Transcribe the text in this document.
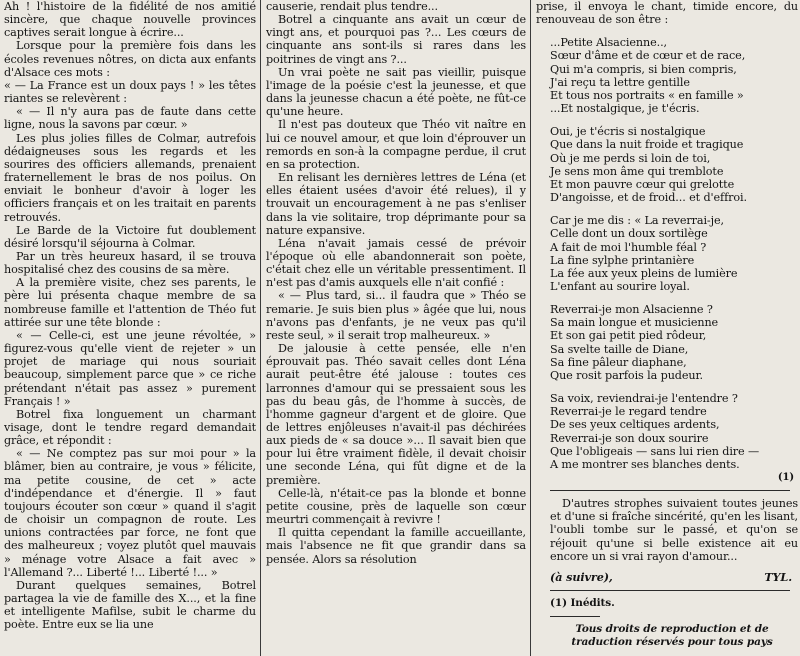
Ah ! l'histoire de la fidélité de nos amitié sincère, que chaque nouvelle provinces captives serait longue à écrire...

Lorsque pour la première fois dans les écoles revenues nôtres, on dicta aux enfants d'Alsace ces mots :

« — La France est un doux pays ! » les têtes riantes se relevèrent :

« — Il n'y aura pas de faute dans cette ligne, nous la savons par cœur. »

Les plus jolies filles de Colmar, autrefois dédaigneuses sous les regards et les sourires des officiers allemands, prenaient fraternellement le bras de nos poilus. On enviait le bonheur d'avoir à loger les officiers français et on les traitait en parents retrouvés.

Le Barde de la Victoire fut doublement désiré lorsqu'il séjourna à Colmar.

Par un très heureux hasard, il se trouva hospitalisé chez des cousins de sa mère.

A la première visite, chez ses parents, le père lui présenta chaque membre de sa nombreuse famille et l'attention de Théo fut attirée sur une tête blonde :

« — Celle-ci, est une jeune révoltée, » figurez-vous qu'elle vient de rejeter » un projet de mariage qui nous souriait beaucoup, simplement parce que » ce riche prétendant n'était pas assez » purement Français ! »

Botrel fixa longuement un charmant visage, dont le tendre regard demandait grâce, et répondit :

« — Ne comptez pas sur moi pour » la blâmer, bien au contraire, je vous » félicite, ma petite cousine, de cet » acte d'indépendance et d'énergie. Il » faut toujours écouter son cœur » quand il s'agit de choisir un compagnon de route. Les unions contractées par force, ne font que des malheureux ; voyez plutôt quel mauvais » ménage votre Alsace a fait avec » l'Allemand ?... Liberté !... Liberté !... »

Durant quelques semaines, Botrel partagea la vie de famille des X..., et la fine et intelligente Mafilse, subit le charme du poète. Entre eux se lia une

causerie, rendait plus tendre...

Botrel a cinquante ans avait un cœur de vingt ans, et pourquoi pas ?... Les cœurs de cinquante ans sont-ils si rares dans les poitrines de vingt ans ?...

Un vrai poète ne sait pas vieillir, puisque l'image de la poésie c'est la jeunesse, et que dans la jeunesse chacun a été poète, ne fût-ce qu'une heure.

Il n'est pas douteux que Théo vit naître en lui ce nouvel amour, et que loin d'éprouver un remords en son-à la compagne perdue, il crut en sa protection.

En relisant les dernières lettres de Léna (et elles étaient usées d'avoir été relues), il y trouvait un encouragement à ne pas s'enliser dans la vie solitaire, trop déprimante pour sa nature expansive.

Léna n'avait jamais cessé de prévoir l'époque où elle abandonnerait son poète, c'était chez elle un véritable pressentiment. Il n'est pas d'amis auxquels elle n'ait confié :

« — Plus tard, si... il faudra que » Théo se remarie. Je suis bien plus » âgée que lui, nous n'avons pas d'enfants, je ne veux pas qu'il reste seul, » il serait trop malheureux. »

De jalousie à cette pensée, elle n'en éprouvait pas. Théo savait celles dont Léna aurait peut-être été jalouse : toutes ces larronnes d'amour qui se pressaient sous les pas du beau gâs, de l'homme à succès, de l'homme gagneur d'argent et de gloire. Que de lettres enjôleuses n'avait-il pas déchirées aux pieds de « sa douce »... Il savait bien que pour lui être vraiment fidèle, il devait choisir une seconde Léna, qui fût digne et de la première.

Celle-là, n'était-ce pas la blonde et bonne petite cousine, près de laquelle son cœur meurtri commençait à revivre !

Il quitta cependant la famille accueillante, mais l'absence ne fit que grandir dans sa pensée. Alors sa résolution

prise, il envoya le chant, timide encore, du renouveau de son être :

...Petite Alsacienne..,
Sœur d'âme et de cœur et de race,
Qui m'a compris, si bien compris,
J'ai reçu ta lettre gentille
Et tous nos portraits « en famille »
...Et nostalgique, je t'écris.
Oui, je t'écris si nostalgique
Que dans la nuit froide et tragique
Où je me perds si loin de toi,
Je sens mon âme qui tremblote
Et mon pauvre cœur qui grelotte
D'angoisse, et de froid... et d'effroi.
Car je me dis : « La reverrai-je,
Celle dont un doux sortilège
A fait de moi l'humble féal ?
La fine sylphe printanière
La fée aux yeux pleins de lumière
L'enfant au sourire loyal.
Reverrai-je mon Alsacienne ?
Sa main longue et musicienne
Et son gai petit pied rôdeur,
Sa svelte taille de Diane,
Sa fine pâleur diaphane,
Que rosit parfois la pudeur.
Sa voix, reviendrai-je l'entendre ?
Reverrai-je le regard tendre
De ses yeux celtiques ardents,
Reverrai-je son doux sourire
Que l'obligeais — sans lui rien dire —
A me montrer ses blanches dents.
(1)

D'autres strophes suivaient toutes jeunes et d'une si fraîche sincérité, qu'en les lisant, l'oubli tombe sur le passé, et qu'on se réjouit qu'une si belle existence ait eu encore un si vrai rayon d'amour...

(à suivre),	TYL.
(1) Inédits.
Tous droits de reproduction et de traduction réservés pour tous pays
